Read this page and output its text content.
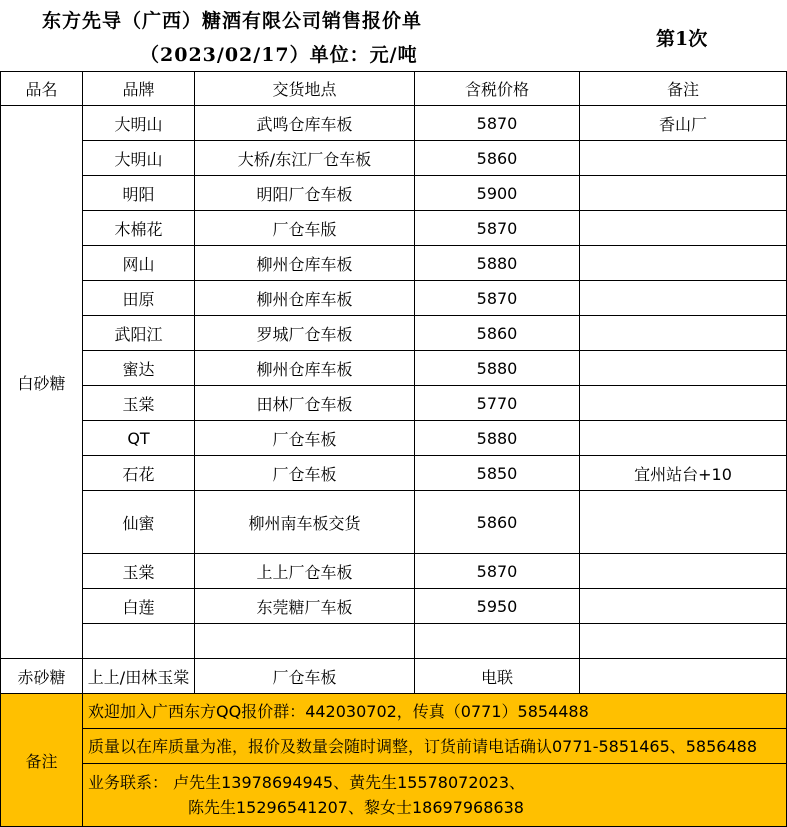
东方先导（广西）糖酒有限公司销售报价单
（2023/02/17）单位：元/吨
第1次
品名	品牌	交货地点	含税价格	备注
白砂糖	大明山	武鸣仓库车板	5870	香山厂
	大明山	大桥/东江厂仓车板	5860	
	明阳	明阳厂仓车板	5900	
	木棉花	厂仓车版	5870	
	网山	柳州仓库车板	5880	
	田原	柳州仓库车板	5870	
	武阳江	罗城厂仓车板	5860	
	蜜达	柳州仓库车板	5880	
	玉棠	田林厂仓车板	5770	
	QT	厂仓车板	5880	
	石花	厂仓车板	5850	宜州站台+10
	仙蜜	柳州南车板交货	5860	
	玉棠	上上厂仓车板	5870	
	白莲	东莞糖厂车板	5950	

赤砂糖	上上/田林玉棠	厂仓车板	电联	
备注	欢迎加入广西东方QQ报价群：442030702，传真（0771）5854488			
	质量以在库质量为准，报价及数量会随时调整，订货前请电话确认0771-5851465、5856488			

	业务联系： 卢先生13978694945、黄先生15578072023、
陈先生15296541207、黎女士18697968638			
